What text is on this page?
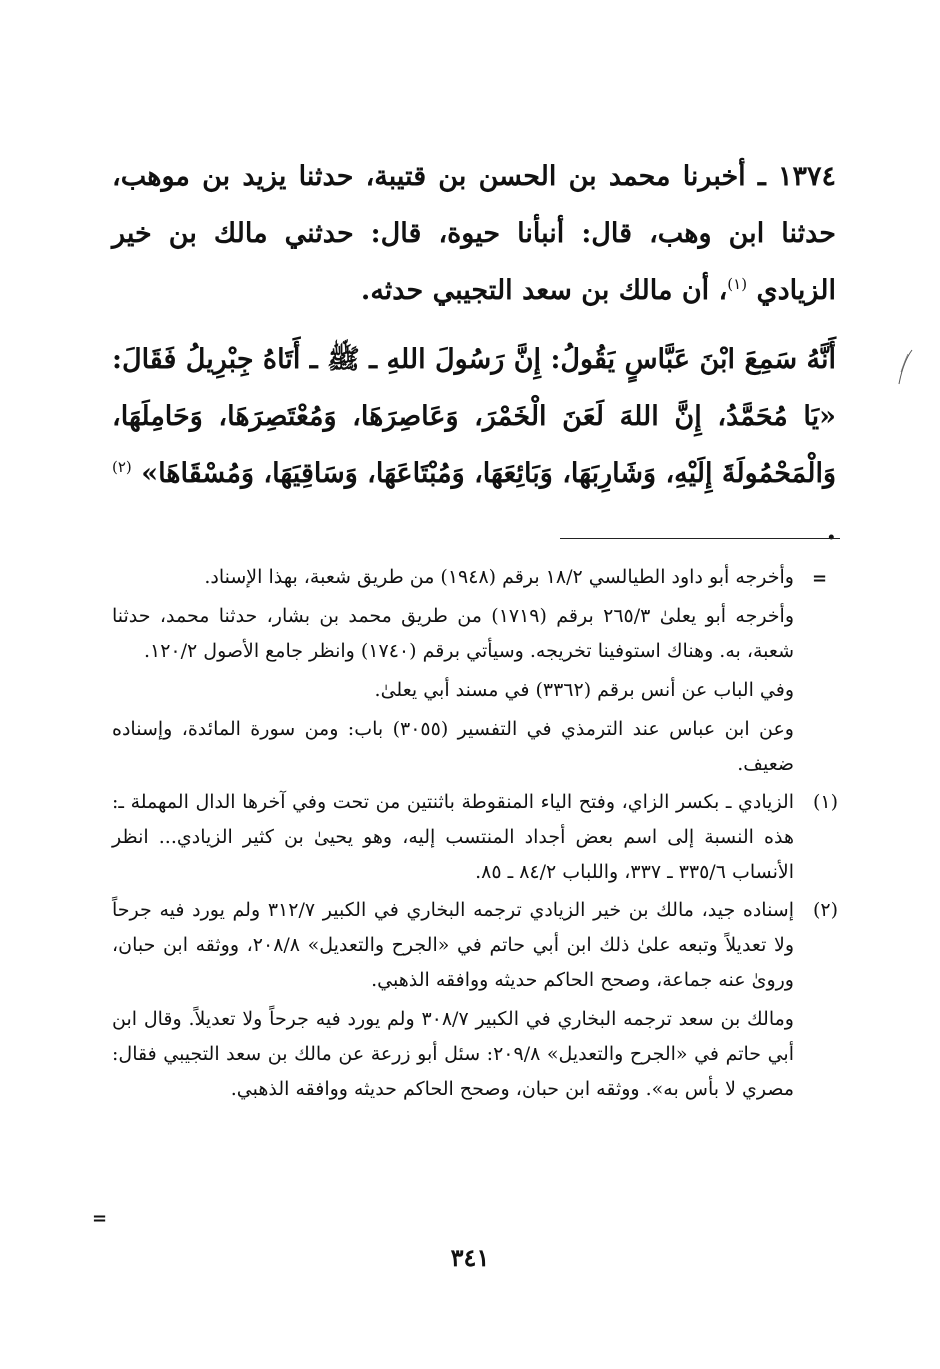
١٣٧٤ ـ أخبرنا محمد بن الحسن بن قتيبة، حدثنا يزيد بن موهب، حدثنا ابن وهب، قال: أنبأنا حيوة، قال: حدثني مالك بن خير الزيادي $^{(١)}$، أن مالك بن سعد التجيبي حدثه.

أَنَّهُ سَمِعَ ابْنَ عَبَّاسٍ يَقُولُ: إِنَّ رَسُولَ اللهِ ـ ﷺ ـ أَتَاهُ جِبْرِيلُ فَقَالَ: «يَا مُحَمَّدُ، إِنَّ اللهَ لَعَنَ الْخَمْرَ، وَعَاصِرَهَا، وَمُعْتَصِرَهَا، وَحَامِلَهَا، وَالْمَحْمُولَةَ إِلَيْهِ، وَشَارِبَهَا، وَبَائِعَهَا، وَمُبْتَاعَهَا، وَسَاقِيَهَا، وَمُسْقَاهَا» $^{(٢)}$ .

=

وأخرجه أبو داود الطيالسي ١٨/٢ برقم (١٩٤٨) من طريق شعبة، بهذا الإسناد.

وأخرجه أبو يعلىٰ ٢٦٥/٣ برقم (١٧١٩) من طريق محمد بن بشار، حدثنا محمد، حدثنا شعبة، به. وهناك استوفينا تخريجه. وسيأتي برقم (١٧٤٠) وانظر جامع الأصول ١٢٠/٢.

وفي الباب عن أنس برقم (٣٣٦٢) في مسند أبي يعلىٰ.

وعن ابن عباس عند الترمذي في التفسير (٣٠٥٥) باب: ومن سورة المائدة، وإسناده ضعيف.

(١)

الزيادي ـ بكسر الزاي، وفتح الياء المنقوطة باثنتين من تحت وفي آخرها الدال المهملة ـ: هذه النسبة إلى اسم بعض أجداد المنتسب إليه، وهو يحيىٰ بن كثير الزيادي... انظر الأنساب ٣٣٥/٦ ـ ٣٣٧، واللباب ٨٤/٢ ـ ٨٥.

(٢)

إسناده جيد، مالك بن خير الزيادي ترجمه البخاري في الكبير ٣١٢/٧ ولم يورد فيه جرحاً ولا تعديلاً وتبعه علىٰ ذلك ابن أبي حاتم في «الجرح والتعديل» ٢٠٨/٨، ووثقه ابن حبان، وروىٰ عنه جماعة، وصحح الحاكم حديثه ووافقه الذهبي.

ومالك بن سعد ترجمه البخاري في الكبير ٣٠٨/٧ ولم يورد فيه جرحاً ولا تعديلاً. وقال ابن أبي حاتم في «الجرح والتعديل» ٢٠٩/٨: سئل أبو زرعة عن مالك بن سعد التجيبي فقال: مصري لا بأس به». ووثقه ابن حبان، وصحح الحاكم حديثه ووافقه الذهبي.

=
٣٤١
